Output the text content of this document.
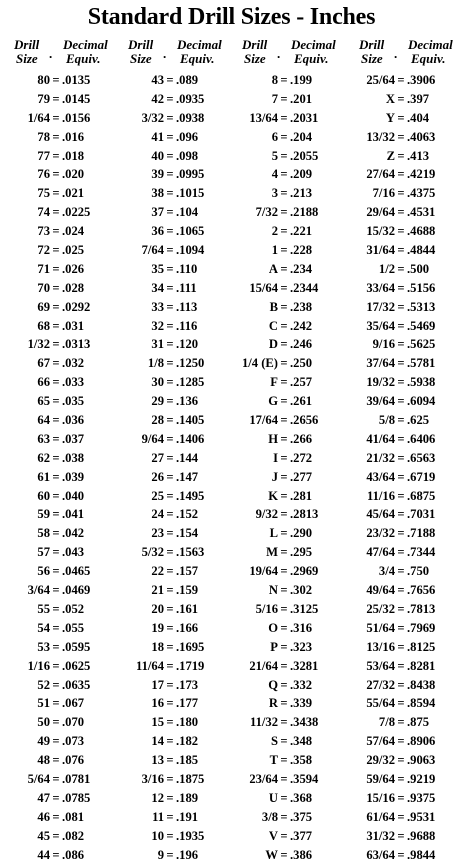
Standard Drill Sizes - Inches
Drill
Size .
Decimal
Equiv.
80 = .0135
79 = .0145
1/64 = .0156
78 = .016
77 = .018
76 = .020
75 = .021
74 = .0225
73 = .024
72 = .025
71 = .026
70 = .028
69 = .0292
68 = .031
1/32 = .0313
67 = .032
66 = .033
65 = .035
64 = .036
63 = .037
62 = .038
61 = .039
60 = .040
59 = .041
58 = .042
57 = .043
56 = .0465
3/64 = .0469
55 = .052
54 = .055
53 = .0595
1/16 = .0625
52 = .0635
51 = .067
50 = .070
49 = .073
48 = .076
5/64 = .0781
47 = .0785
46 = .081
45 = .082
44 = .086
Drill
Size .
Decimal
Equiv.
43 = .089
42 = .0935
3/32 = .0938
41 = .096
40 = .098
39 = .0995
38 = .1015
37 = .104
36 = .1065
7/64 = .1094
35 = .110
34 = .111
33 = .113
32 = .116
31 = .120
1/8 = .1250
30 = .1285
29 = .136
28 = .1405
9/64 = .1406
27 = .144
26 = .147
25 = .1495
24 = .152
23 = .154
5/32 = .1563
22 = .157
21 = .159
20 = .161
19 = .166
18 = .1695
11/64 = .1719
17 = .173
16 = .177
15 = .180
14 = .182
13 = .185
3/16 = .1875
12 = .189
11 = .191
10 = .1935
9 = .196
Drill
Size .
Decimal
Equiv.
8 = .199
7 = .201
13/64 = .2031
6 = .204
5 = .2055
4 = .209
3 = .213
7/32 = .2188
2 = .221
1 = .228
A = .234
15/64 = .2344
B = .238
C = .242
D = .246
1/4 (E) = .250
F = .257
G = .261
17/64 = .2656
H = .266
I = .272
J = .277
K = .281
9/32 = .2813
L = .290
M = .295
19/64 = .2969
N = .302
5/16 = .3125
O = .316
P = .323
21/64 = .3281
Q = .332
R = .339
11/32 = .3438
S = .348
T = .358
23/64 = .3594
U = .368
3/8 = .375
V = .377
W = .386
Drill
Size .
Decimal
Equiv.
25/64 = .3906
X = .397
Y = .404
13/32 = .4063
Z = .413
27/64 = .4219
7/16 = .4375
29/64 = .4531
15/32 = .4688
31/64 = .4844
1/2 = .500
33/64 = .5156
17/32 = .5313
35/64 = .5469
9/16 = .5625
37/64 = .5781
19/32 = .5938
39/64 = .6094
5/8 = .625
41/64 = .6406
21/32 = .6563
43/64 = .6719
11/16 = .6875
45/64 = .7031
23/32 = .7188
47/64 = .7344
3/4 = .750
49/64 = .7656
25/32 = .7813
51/64 = .7969
13/16 = .8125
53/64 = .8281
27/32 = .8438
55/64 = .8594
7/8 = .875
57/64 = .8906
29/32 = .9063
59/64 = .9219
15/16 = .9375
61/64 = .9531
31/32 = .9688
63/64 = .9844
